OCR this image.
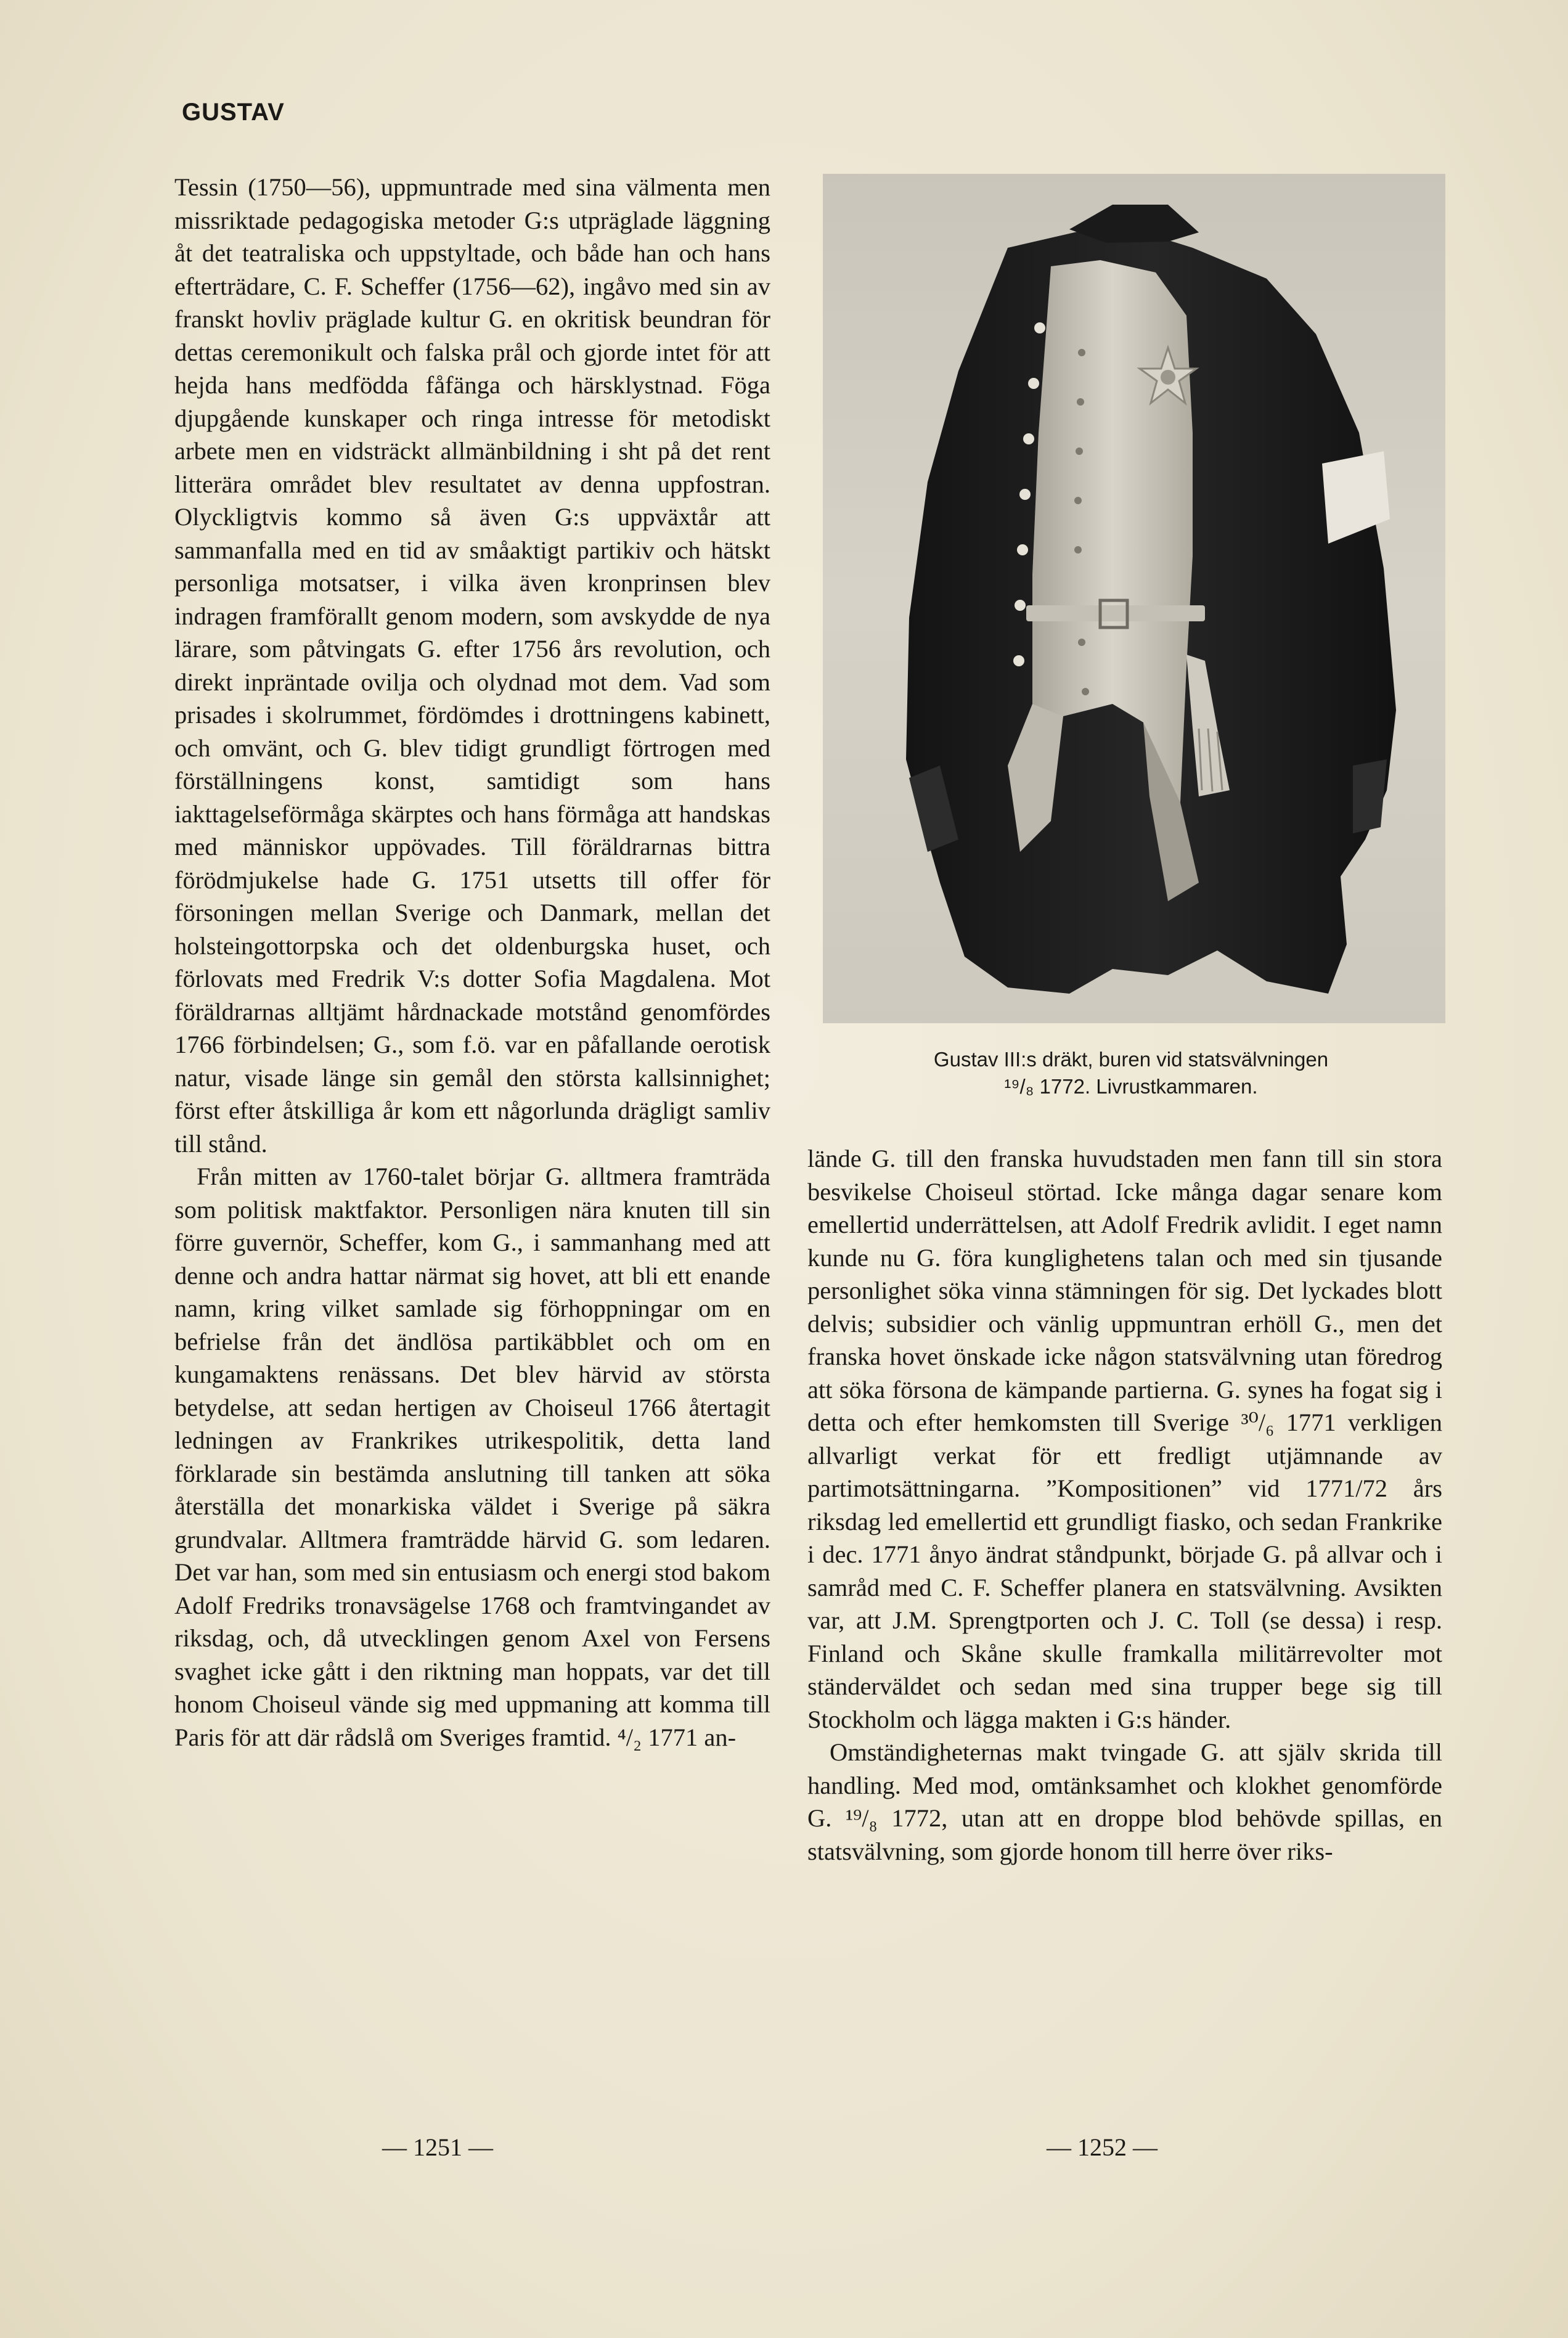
GUSTAV

Tessin (1750—56), uppmuntrade med sina välmenta men missriktade pedagogiska metoder G:s utpräglade läggning åt det teatraliska och uppstyltade, och både han och hans efterträdare, C. F. Scheffer (1756—62), ingåvo med sin av franskt hovliv präglade kultur G. en okritisk beundran för dettas ceremonikult och falska prål och gjorde intet för att hejda hans medfödda fåfänga och härsklystnad. Föga djupgående kunskaper och ringa intresse för metodiskt arbete men en vidsträckt allmänbildning i sht på det rent litterära området blev resultatet av denna uppfostran. Olyckligtvis kommo så även G:s uppväxtår att sammanfalla med en tid av småaktigt partikiv och hätskt personliga motsatser, i vilka även kronprinsen blev indragen framförallt genom modern, som avskydde de nya lärare, som påtvingats G. efter 1756 års revolution, och direkt inpräntade ovilja och olydnad mot dem. Vad som prisades i skolrummet, fördömdes i drottningens kabinett, och omvänt, och G. blev tidigt grundligt förtrogen med förställningens konst, samtidigt som hans iakttagelseförmåga skärptes och hans förmåga att handskas med människor uppövades. Till föräldrarnas bittra förödmjukelse hade G. 1751 utsetts till offer för försoningen mellan Sverige och Danmark, mellan det holsteingottorpska och det oldenburgska huset, och förlovats med Fredrik V:s dotter Sofia Magdalena. Mot föräldrarnas alltjämt hårdnackade motstånd genomfördes 1766 förbindelsen; G., som f.ö. var en påfallande oerotisk natur, visade länge sin gemål den största kallsinnighet; först efter åtskilliga år kom ett någorlunda drägligt samliv till stånd.

Från mitten av 1760-talet börjar G. alltmera framträda som politisk maktfaktor. Personligen nära knuten till sin förre guvernör, Scheffer, kom G., i sammanhang med att denne och andra hattar närmat sig hovet, att bli ett enande namn, kring vilket samlade sig förhoppningar om en befrielse från det ändlösa partikäbblet och om en kungamaktens renässans. Det blev härvid av största betydelse, att sedan hertigen av Choiseul 1766 återtagit ledningen av Frankrikes utrikespolitik, detta land förklarade sin bestämda anslutning till tanken att söka återställa det monarkiska väldet i Sverige på säkra grundvalar. Alltmera framträdde härvid G. som ledaren. Det var han, som med sin entusiasm och energi stod bakom Adolf Fredriks tronavsägelse 1768 och framtvingandet av riksdag, och, då utvecklingen genom Axel von Fersens svaghet icke gått i den riktning man hoppats, var det till honom Choiseul vände sig med uppmaning att komma till Paris för att där rådslå om Sveriges framtid. ⁴/₂ 1771 an-

Gustav III:s dräkt, buren vid statsvälvningen
¹⁹/₈ 1772. Livrustkammaren.

lände G. till den franska huvudstaden men fann till sin stora besvikelse Choiseul störtad. Icke många dagar senare kom emellertid underrättelsen, att Adolf Fredrik avlidit. I eget namn kunde nu G. föra kunglighetens talan och med sin tjusande personlighet söka vinna stämningen för sig. Det lyckades blott delvis; subsidier och vänlig uppmuntran erhöll G., men det franska hovet önskade icke någon statsvälvning utan föredrog att söka försona de kämpande partierna. G. synes ha fogat sig i detta och efter hemkomsten till Sverige ³⁰/₆ 1771 verkligen allvarligt verkat för ett fredligt utjämnande av partimotsättningarna. ”Kompositionen” vid 1771/72 års riksdag led emellertid ett grundligt fiasko, och sedan Frankrike i dec. 1771 ånyo ändrat ståndpunkt, började G. på allvar och i samråd med C. F. Scheffer planera en statsvälvning. Avsikten var, att J.M. Sprengtporten och J. C. Toll (se dessa) i resp. Finland och Skåne skulle framkalla militärrevolter mot ständerväldet och sedan med sina trupper bege sig till Stockholm och lägga makten i G:s händer.

Omständigheternas makt tvingade G. att själv skrida till handling. Med mod, omtänksamhet och klokhet genomförde G. ¹⁹/₈ 1772, utan att en droppe blod behövde spillas, en statsvälvning, som gjorde honom till herre över riks-

— 1251 —	— 1252 —
